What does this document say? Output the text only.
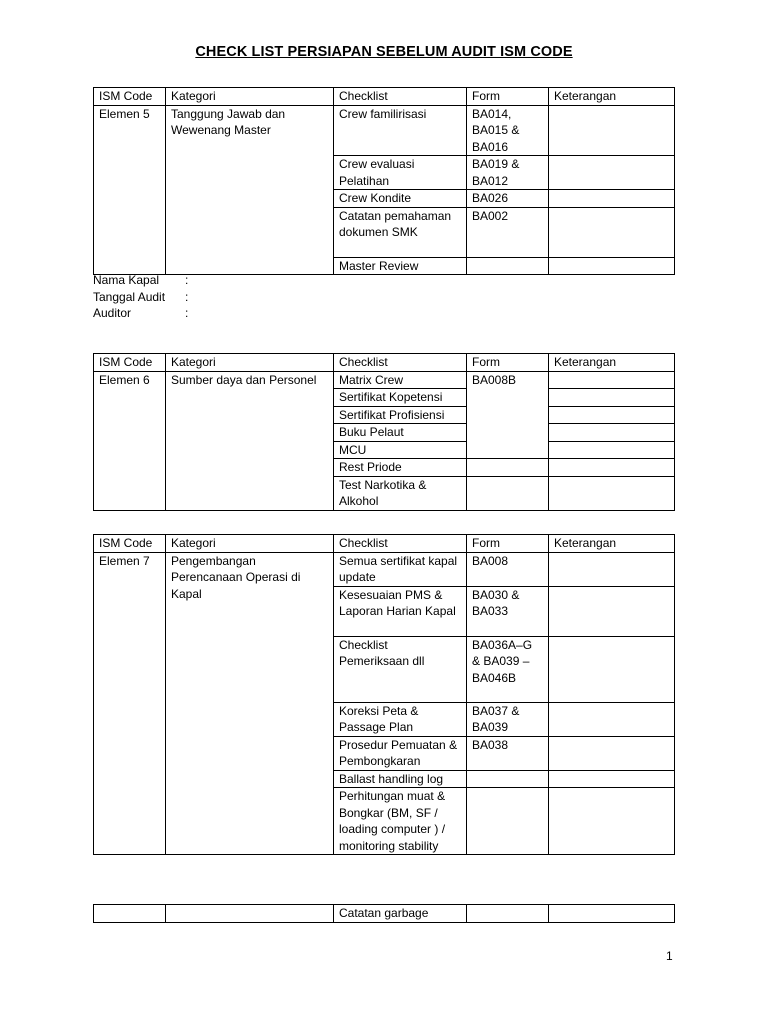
CHECK LIST PERSIAPAN SEBELUM AUDIT ISM CODE
ISM Code	Kategori	Checklist	Form	Keterangan
Elemen 5	Tanggung Jawab dan Wewenang Master	Crew familirisasi	BA014, BA015 & BA016	
		Crew evaluasi Pelatihan	BA019 & BA012	
		Crew Kondite	BA026	
		Catatan pemahaman dokumen SMK	BA002	
		Master Review		
Nama Kapal	:
Tanggal Audit	:
Auditor	:
ISM Code	Kategori	Checklist	Form	Keterangan
Elemen 6	Sumber daya dan Personel	Matrix Crew	BA008B	
		Sertifikat Kopetensi		
		Sertifikat Profisiensi		
		Buku Pelaut		
		MCU		
		Rest Priode		
		Test Narkotika & Alkohol		
ISM Code	Kategori	Checklist	Form	Keterangan
Elemen 7	Pengembangan Perencanaan Operasi di Kapal	Semua sertifikat kapal update	BA008	
		Kesesuaian PMS & Laporan Harian Kapal	BA030 & BA033	
		Checklist Pemeriksaan dll	BA036A–G & BA039 – BA046B	
		Koreksi Peta & Passage Plan	BA037 & BA039	
		Prosedur Pemuatan & Pembongkaran	BA038	
		Ballast handling log		
		Perhitungan muat & Bongkar (BM, SF / loading computer ) / monitoring stability		
		Catatan garbage		
1
